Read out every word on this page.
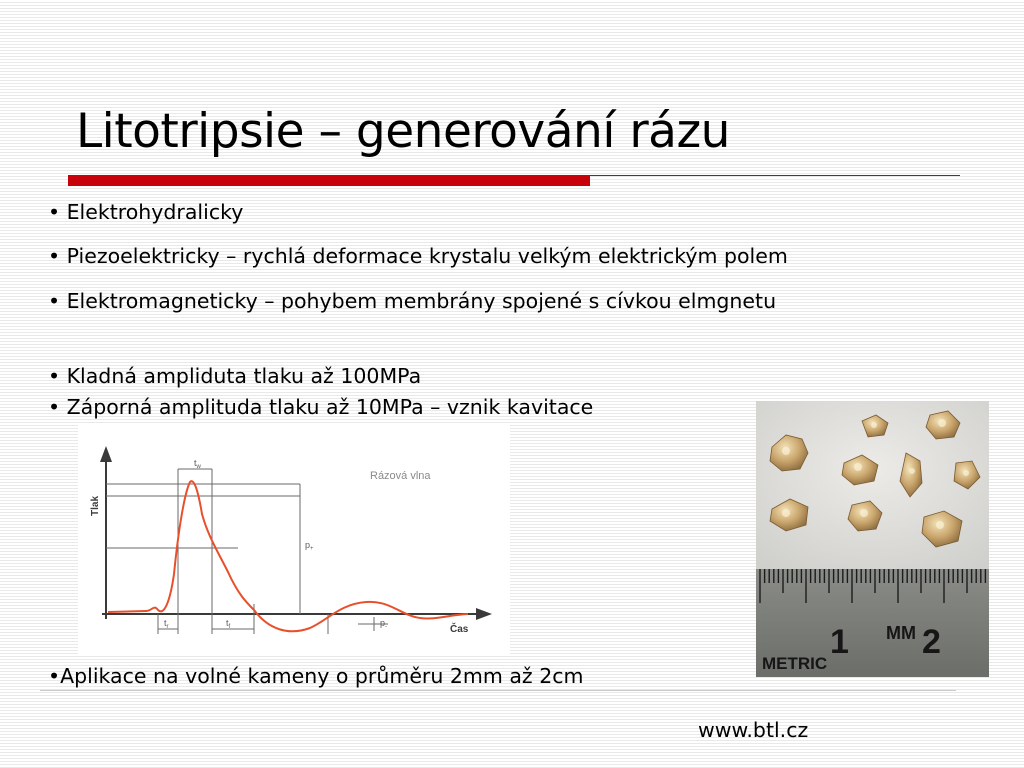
Litotripsie – generování rázu

• Elektrohydralicky

• Piezoelektricky – rychlá deformace krystalu velkým elektrickým polem

• Elektromagneticky – pohybem membrány spojené s cívkou elmgnetu

• Kladná ampliduta tlaku až 100MPa

• Záporná amplituda tlaku až 10MPa – vznik kavitace

Rázová vlna
Tlak
Čas
$t_w$
$p_+$
$t_r$	$t_f$	$p_-$	1 MM 2
METRIC

•Aplikace na volné kameny o průměru 2mm až 2cm

www.btl.cz
